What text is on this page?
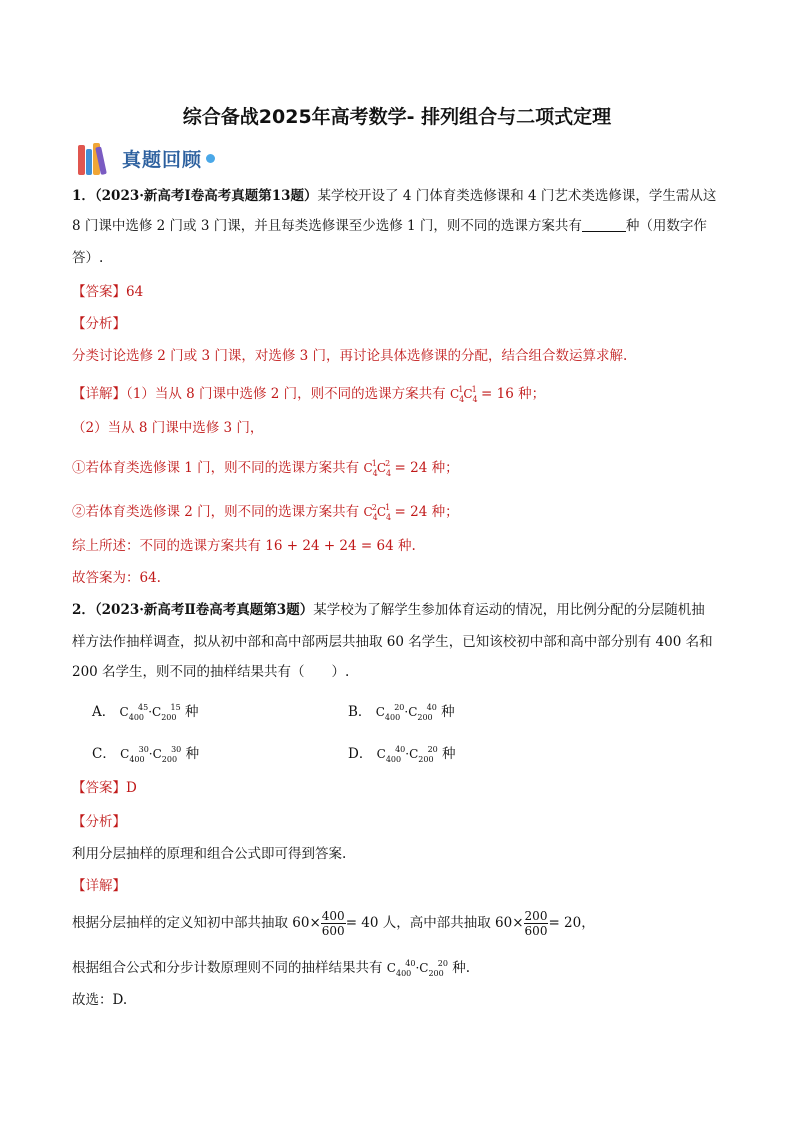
综合备战2025年高考数学- 排列组合与二项式定理
真题回顾
1．（2023·新高考Ⅰ卷高考真题第13题）某学校开设了 4 门体育类选修课和 4 门艺术类选修课，学生需从这
8 门课中选修 2 门或 3 门课，并且每类选修课至少选修 1 门，则不同的选课方案共有	种（用数字作
答）.
【答案】64
【分析】
分类讨论选修 2 门或 3 门课，对选修 3 门，再讨论具体选修课的分配，结合组合数运算求解.
【详解】（1）当从 8 门课中选修 2 门，则不同的选课方案共有 $C_4^1C_4^1 = 16$ 种；
（2）当从 8 门课中选修 3 门，
①若体育类选修课 1 门，则不同的选课方案共有 $C_4^1C_4^2 = 24$ 种；
②若体育类选修课 2 门，则不同的选课方案共有 $C_4^2C_4^1 = 24$ 种；
综上所述：不同的选课方案共有 16 + 24 + 24 = 64 种.
故答案为：64.
2．（2023·新高考Ⅱ卷高考真题第3题）某学校为了解学生参加体育运动的情况，用比例分配的分层随机抽
样方法作抽样调查，拟从初中部和高中部两层共抽取 60 名学生，已知该校初中部和高中部分别有 400 名和
200 名学生，则不同的抽样结果共有（　　）.
A． $C_{400}^{45}\cdot C_{200}^{15}$ 种	B． $C_{400}^{20}\cdot C_{200}^{40}$ 种
C． $C_{400}^{30}\cdot C_{200}^{30}$ 种	D． $C_{400}^{40}\cdot C_{200}^{20}$ 种
【答案】D
【分析】
利用分层抽样的原理和组合公式即可得到答案.
【详解】
根据分层抽样的定义知初中部共抽取 $60\times \frac{400}{600} = 40$ 人，高中部共抽取 $60\times \frac{200}{600} = 20$，
根据组合公式和分步计数原理则不同的抽样结果共有 $C_{400}^{40}\cdot C_{200}^{20}$ 种.
故选：D.
